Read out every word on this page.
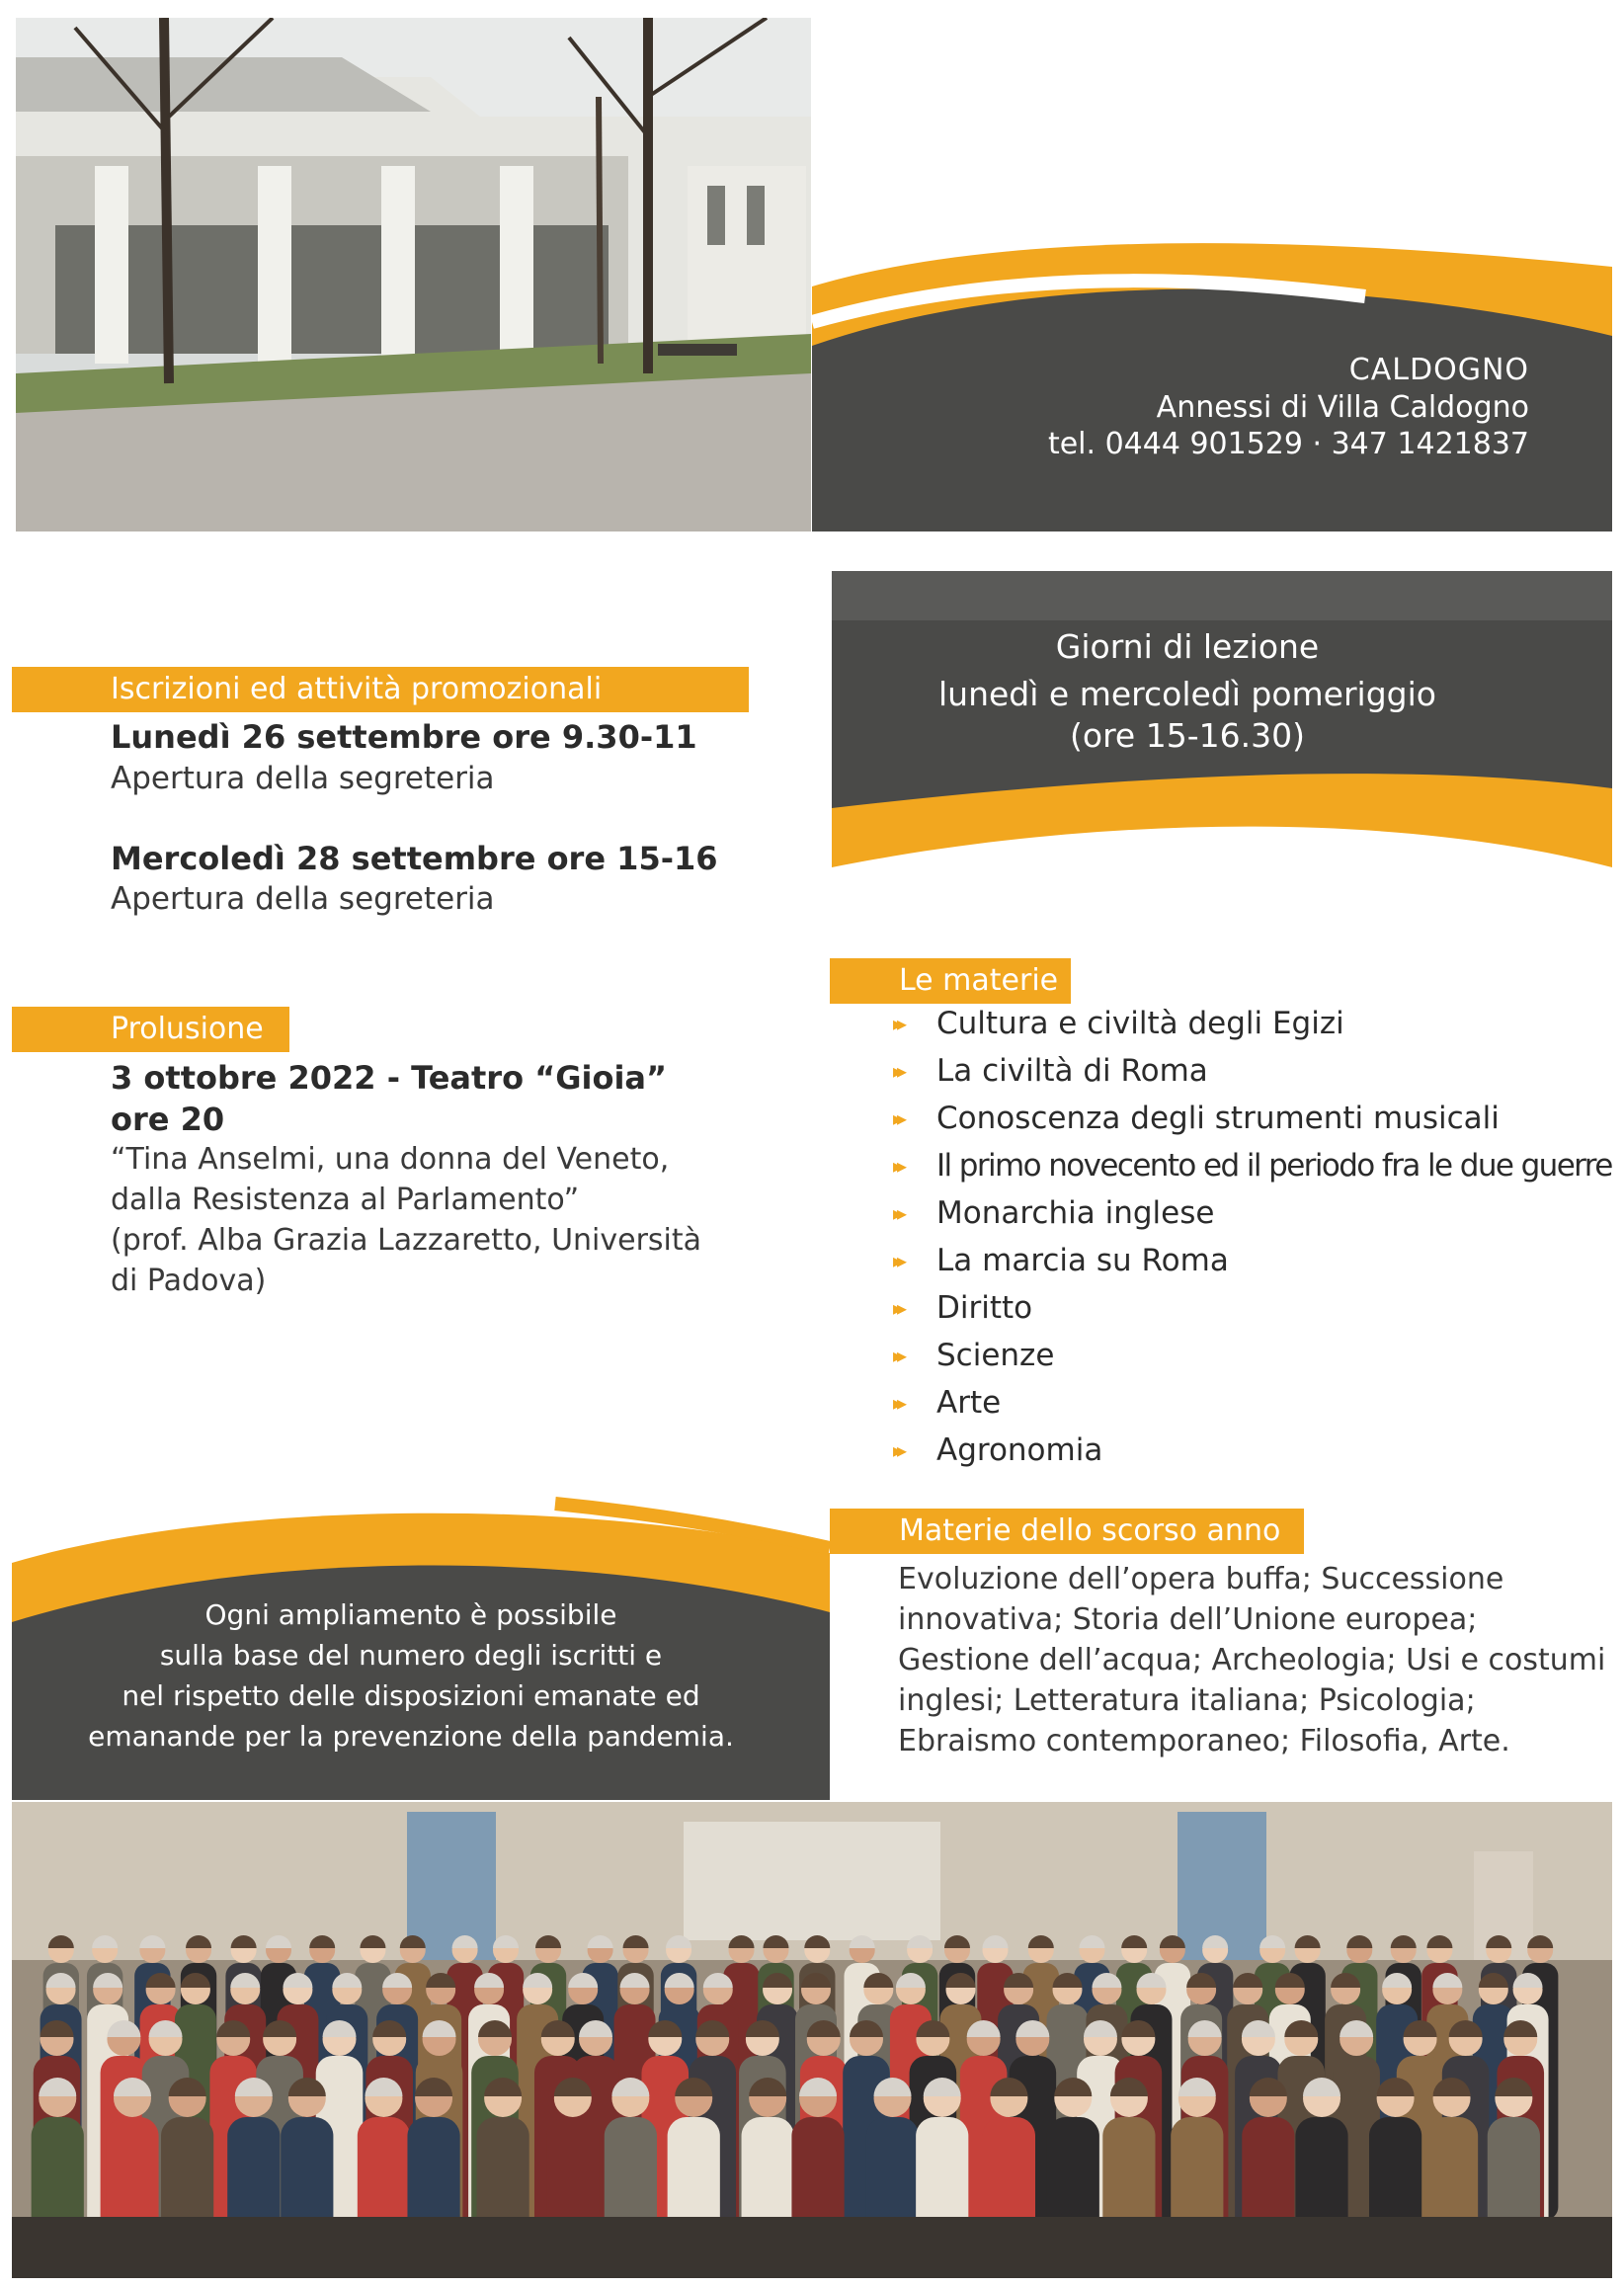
CALDOGNO
Annessi di Villa Caldogno
tel. 0444 901529 · 347 1421837
Giorni di lezione
lunedì e mercoledì pomeriggio
(ore 15-16.30)
Iscrizioni ed attività promozionali
Lunedì 26 settembre ore 9.30-11
Apertura della segreteria
Mercoledì 28 settembre ore 15-16
Apertura della segreteria
Prolusione
3 ottobre 2022 - Teatro “Gioia”
ore 20
“Tina Anselmi, una donna del Veneto,
dalla Resistenza al Parlamento”
(prof. Alba Grazia Lazzaretto, Università
di Padova)
Le materie
▸▸	Cultura e civiltà degli Egizi
▸▸	La civiltà di Roma
▸▸	Conoscenza degli strumenti musicali
▸▸	Il primo novecento ed il periodo fra le due guerre
▸▸	Monarchia inglese
▸▸	La marcia su Roma
▸▸	Diritto
▸▸	Scienze
▸▸	Arte
▸▸	Agronomia
Materie dello scorso anno
Evoluzione dell’opera buffa; Successione
innovativa; Storia dell’Unione europea;
Gestione dell’acqua; Archeologia; Usi e costumi
inglesi; Letteratura italiana; Psicologia;
Ebraismo contemporaneo; Filosofia, Arte.
Ogni ampliamento è possibile
sulla base del numero degli iscritti e
nel rispetto delle disposizioni emanate ed
emanande per la prevenzione della pandemia.
